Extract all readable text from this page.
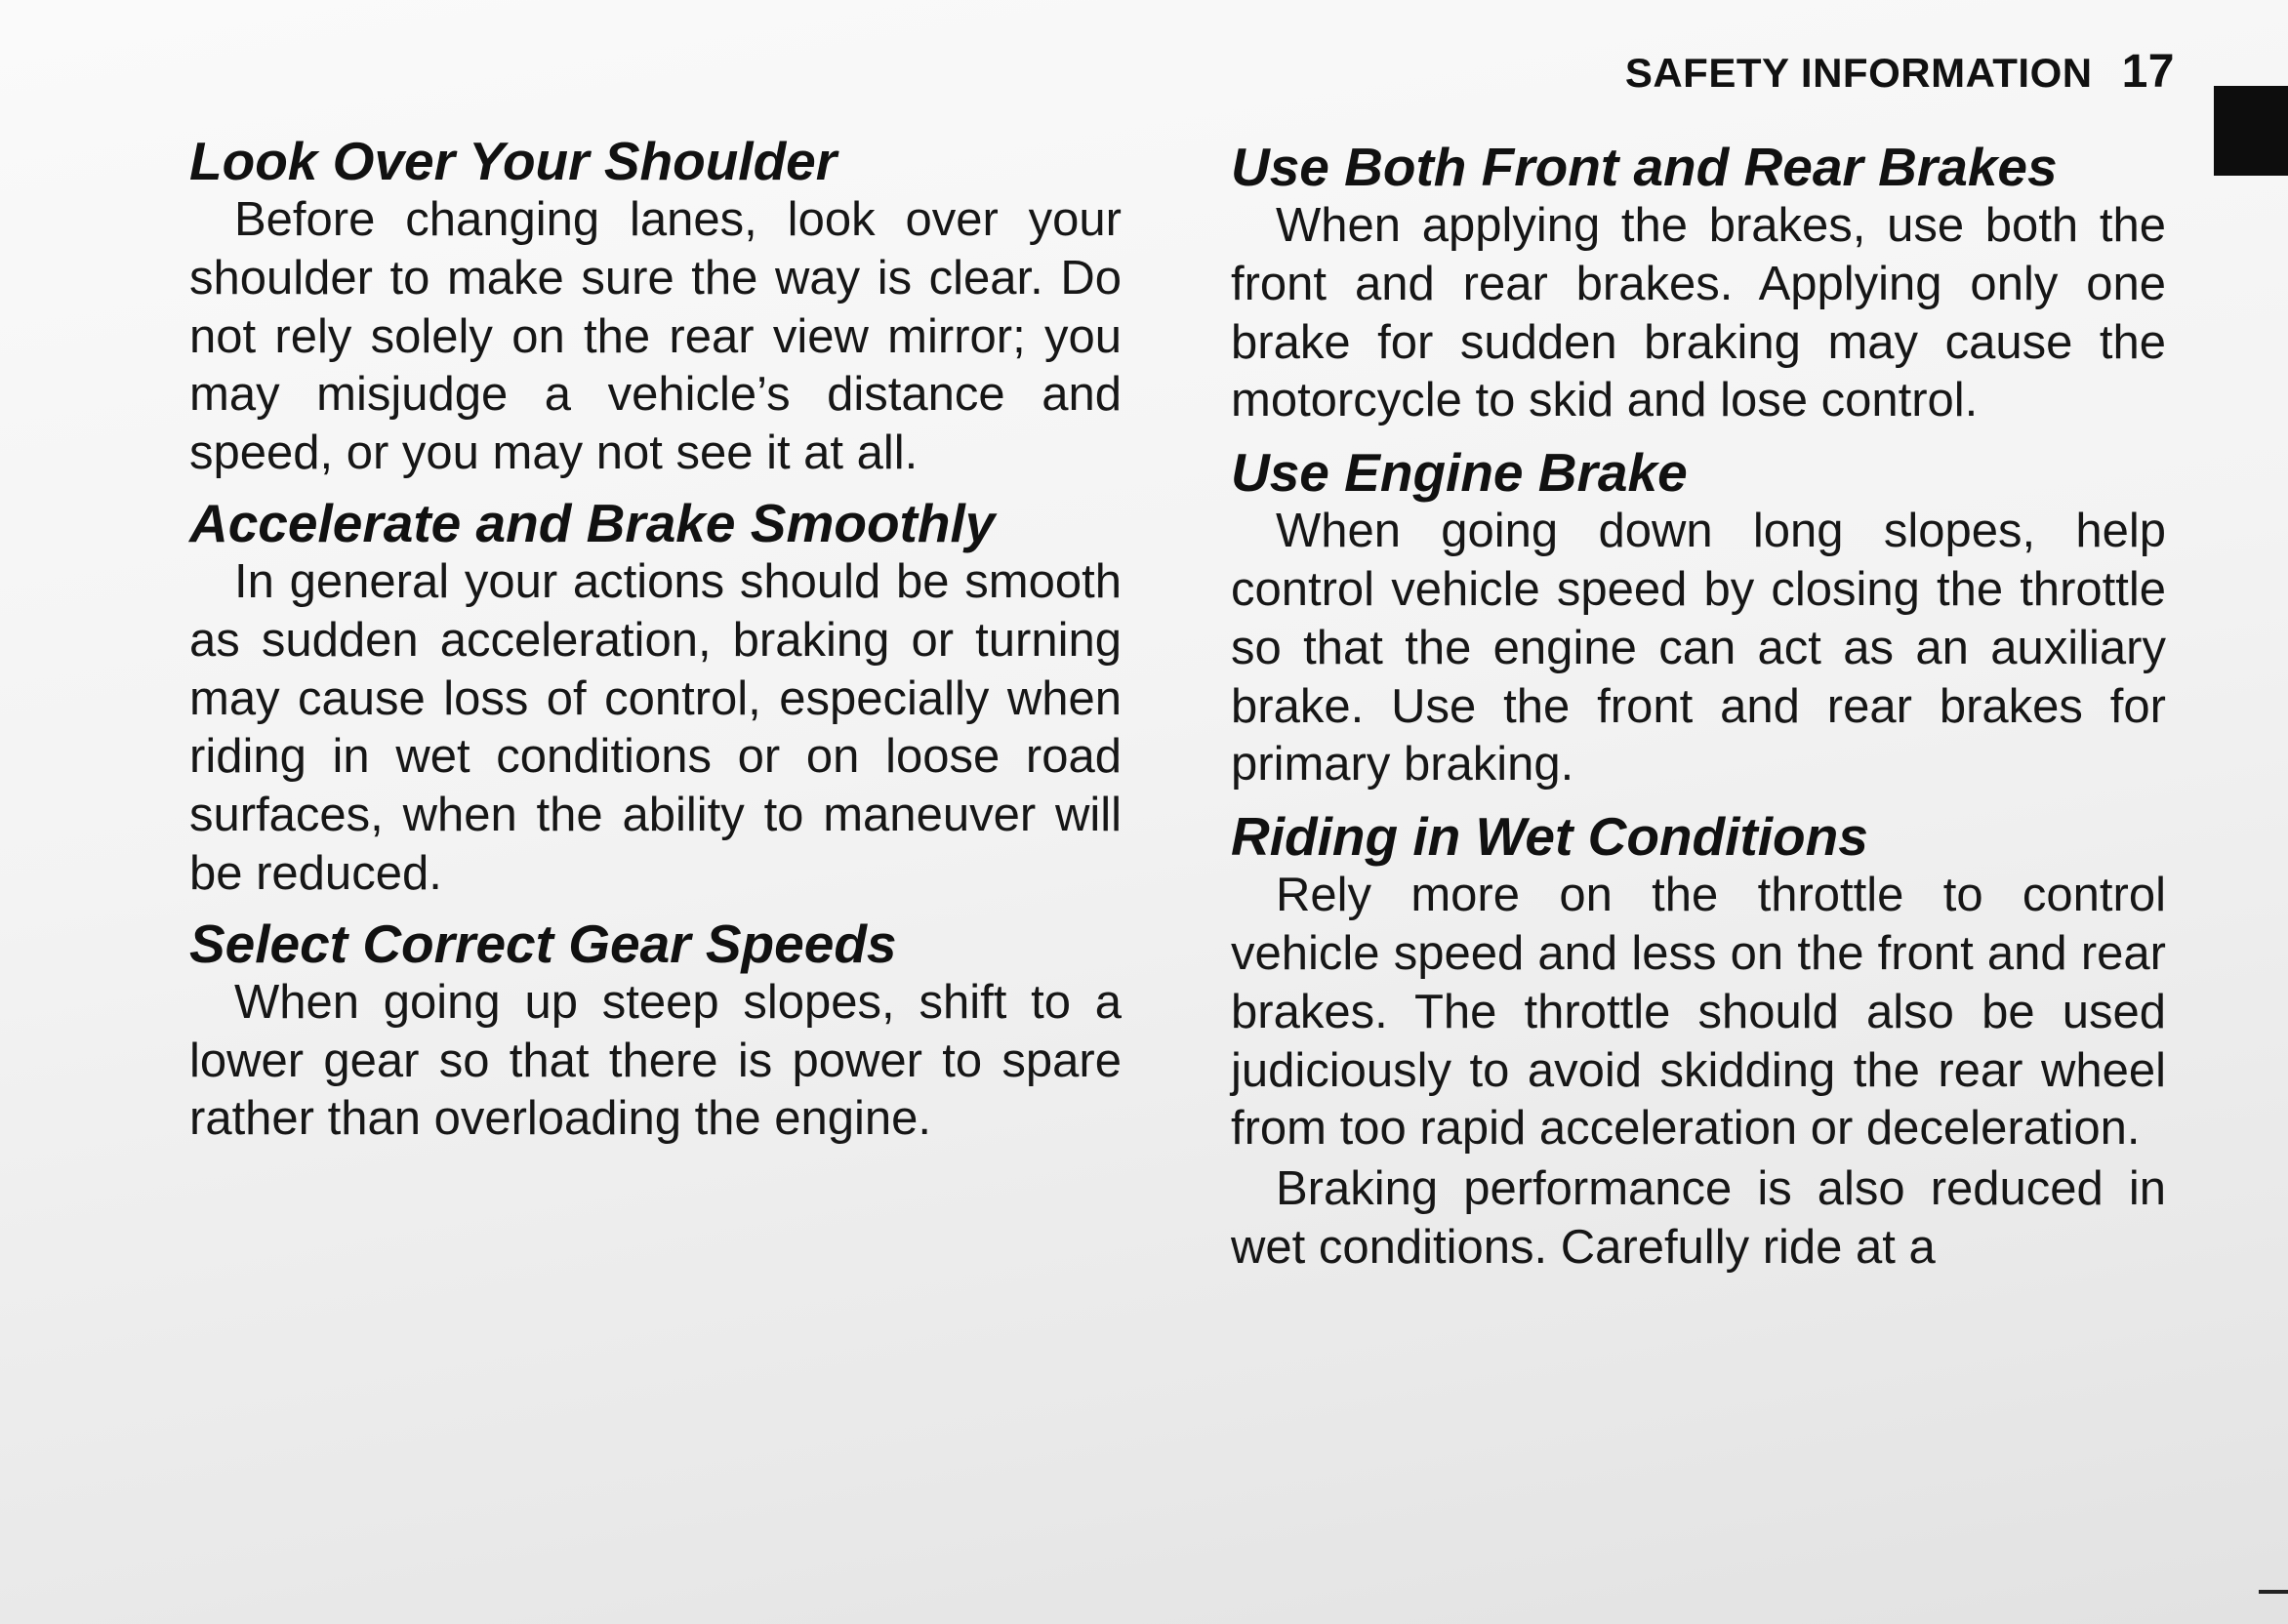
SAFETY INFORMATION 17
Look Over Your Shoulder

Before changing lanes, look over your shoulder to make sure the way is clear. Do not rely solely on the rear view mirror; you may misjudge a vehicle’s distance and speed, or you may not see it at all.

Accelerate and Brake Smoothly

In general your actions should be smooth as sudden acceleration, braking or turning may cause loss of control, especially when riding in wet conditions or on loose road surfaces, when the ability to maneuver will be reduced.

Select Correct Gear Speeds

When going up steep slopes, shift to a lower gear so that there is power to spare rather than overloading the engine.

Use Both Front and Rear Brakes

When applying the brakes, use both the front and rear brakes. Applying only one brake for sudden braking may cause the motorcycle to skid and lose control.

Use Engine Brake

When going down long slopes, help control vehicle speed by closing the throttle so that the engine can act as an auxiliary brake. Use the front and rear brakes for primary braking.

Riding in Wet Conditions

Rely more on the throttle to control vehicle speed and less on the front and rear brakes. The throttle should also be used judiciously to avoid skidding the rear wheel from too rapid acceleration or deceleration.

Braking performance is also reduced in wet conditions. Carefully ride at a
